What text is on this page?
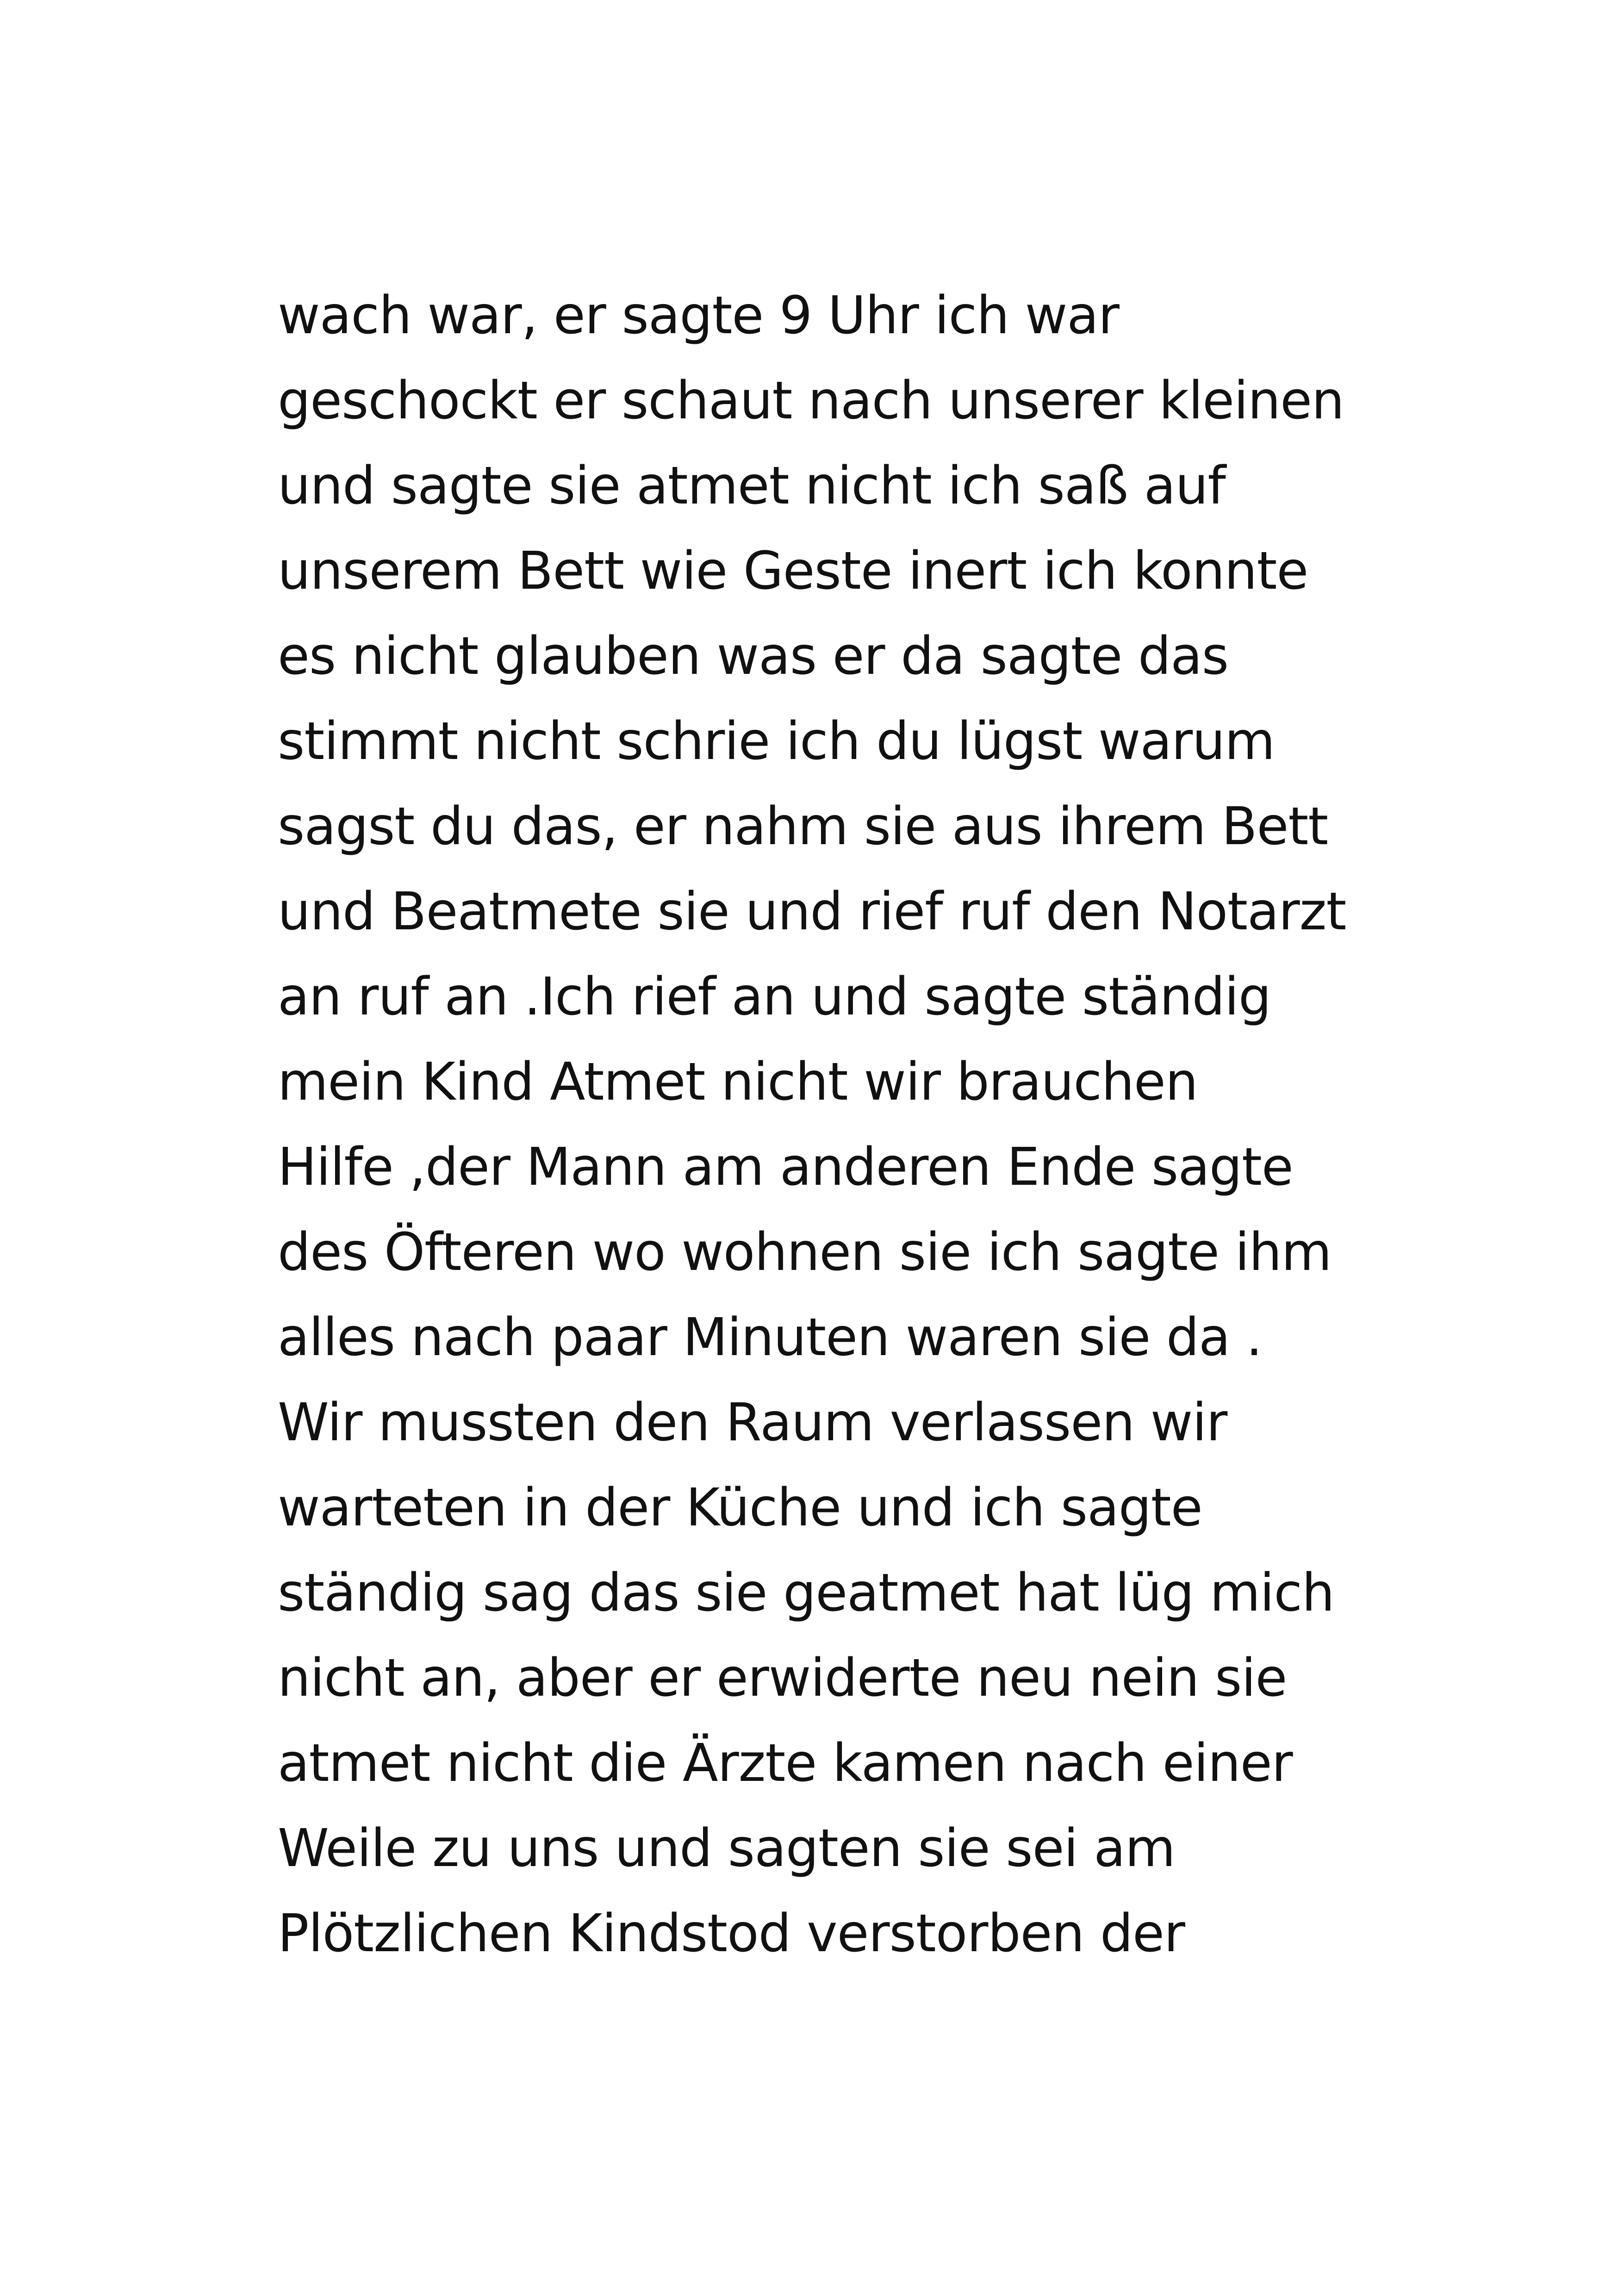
wach war, er sagte 9 Uhr ich war
geschockt er schaut nach unserer kleinen
und sagte sie atmet nicht ich saß auf
unserem Bett wie Geste inert ich konnte
es nicht glauben was er da sagte das
stimmt nicht schrie ich du lügst warum
sagst du das, er nahm sie aus ihrem Bett
und Beatmete sie und rief ruf den Notarzt
an ruf an .Ich rief an und sagte ständig
mein Kind Atmet nicht wir brauchen
Hilfe ,der Mann am anderen Ende sagte
des Öfteren wo wohnen sie ich sagte ihm
alles nach paar Minuten waren sie da .
Wir mussten den Raum verlassen wir
warteten in der Küche und ich sagte
ständig sag das sie geatmet hat lüg mich
nicht an, aber er erwiderte neu nein sie
atmet nicht die Ärzte kamen nach einer
Weile zu uns und sagten sie sei am
Plötzlichen Kindstod verstorben der
